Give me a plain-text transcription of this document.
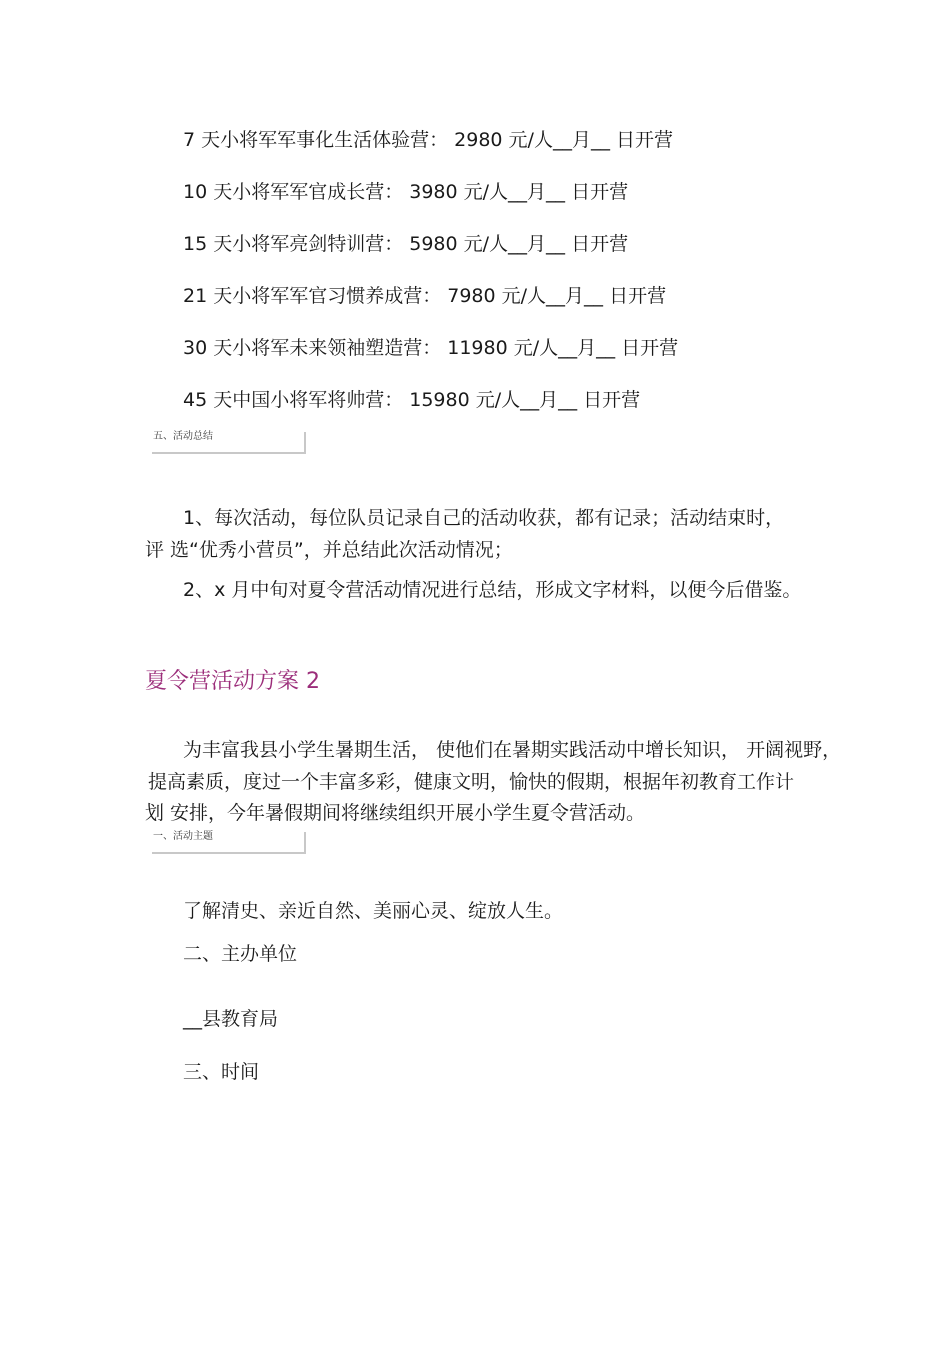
7 天小将军军事化生活体验营： 2980 元/人__月__ 日开营
10 天小将军军官成长营： 3980 元/人__月__ 日开营
15 天小将军亮剑特训营： 5980 元/人__月__ 日开营
21 天小将军军官习惯养成营： 7980 元/人__月__ 日开营
30 天小将军未来领袖塑造营： 11980 元/人__月__ 日开营
45 天中国小将军将帅营： 15980 元/人__月__ 日开营
五、活动总结
1、每次活动，每位队员记录自己的活动收获，都有记录；活动结束时，
评 选“优秀小营员”，并总结此次活动情况；
2、x 月中旬对夏令营活动情况进行总结，形成文字材料，以便今后借鉴。
夏令营活动方案 2
为丰富我县小学生暑期生活， 使他们在暑期实践活动中增长知识， 开阔视野，
提高素质，度过一个丰富多彩，健康文明，愉快的假期，根据年初教育工作计
划 安排，今年暑假期间将继续组织开展小学生夏令营活动。
一、活动主题
了解清史、亲近自然、美丽心灵、绽放人生。
二、主办单位
__县教育局
三、时间
